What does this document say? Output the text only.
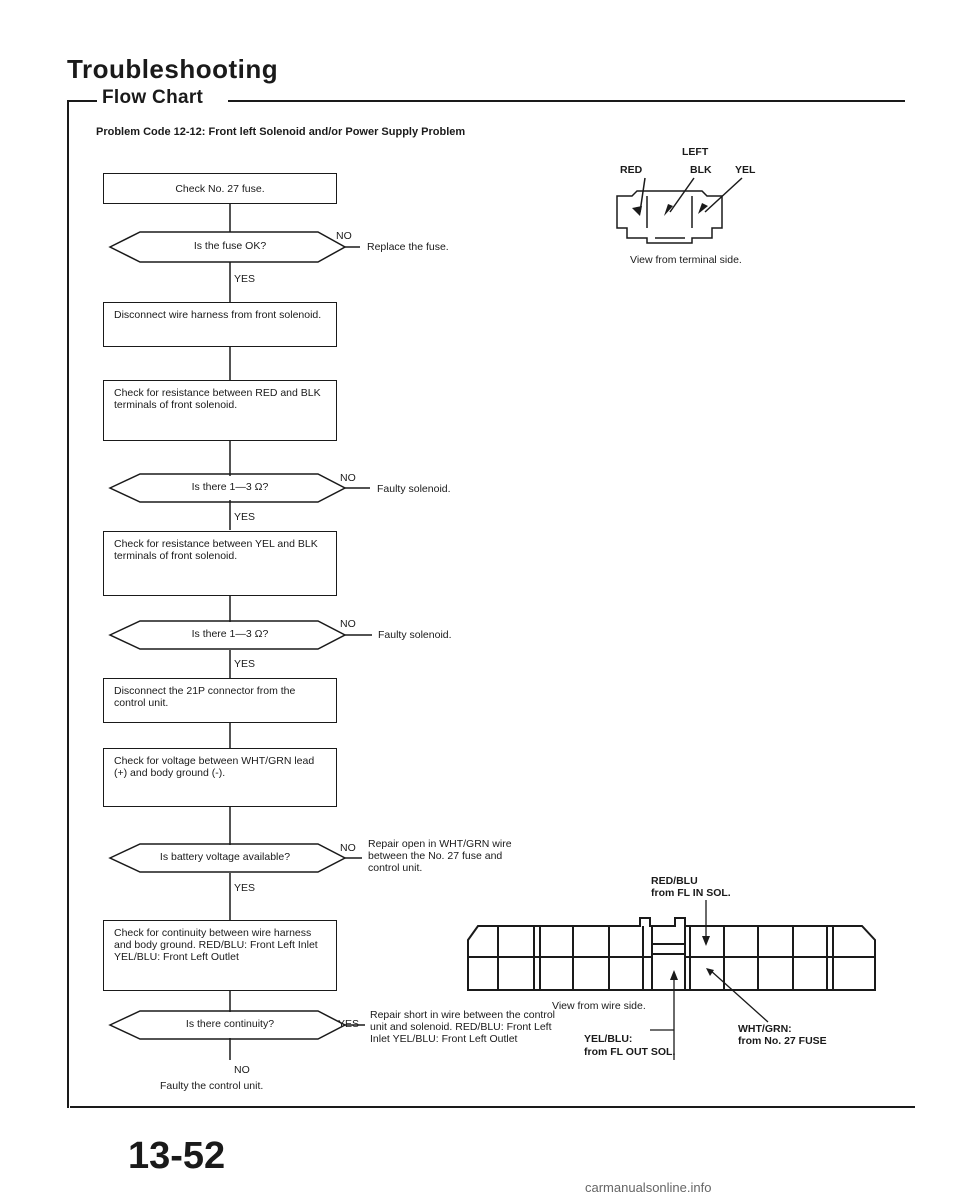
Troubleshooting
Flow Chart
Problem Code 12-12: Front left Solenoid and/or Power Supply Problem
Check No. 27 fuse.
Disconnect wire harness from front solenoid.
Check for resistance between RED and BLK terminals of front solenoid.
Check for resistance between YEL and BLK terminals of front solenoid.
Disconnect the 21P connector from the control unit.
Check for voltage between WHT/GRN lead (+) and body ground (-).
Check for continuity between wire harness and body ground. RED/BLU: Front Left Inlet YEL/BLU: Front Left Outlet
Is the fuse OK?
Is there 1—3 Ω?
Is there 1—3 Ω?
Is battery voltage available?
Is there continuity?
NO
YES
NO
YES
NO
YES
NO
YES
YES
NO
Replace the fuse.
Faulty solenoid.
Faulty solenoid.
Repair open in WHT/GRN wire between the No. 27 fuse and control unit.
Repair short in wire between the control unit and solenoid. RED/BLU: Front Left Inlet YEL/BLU: Front Left Outlet
Faulty the control unit.
LEFT
RED	BLK YEL
View from terminal side.
RED/BLU
from FL IN SOL.
View from wire side.
WHT/GRN:
from No. 27 FUSE
YEL/BLU:
from FL OUT SOL.
13-52
carmanualsonline.info
